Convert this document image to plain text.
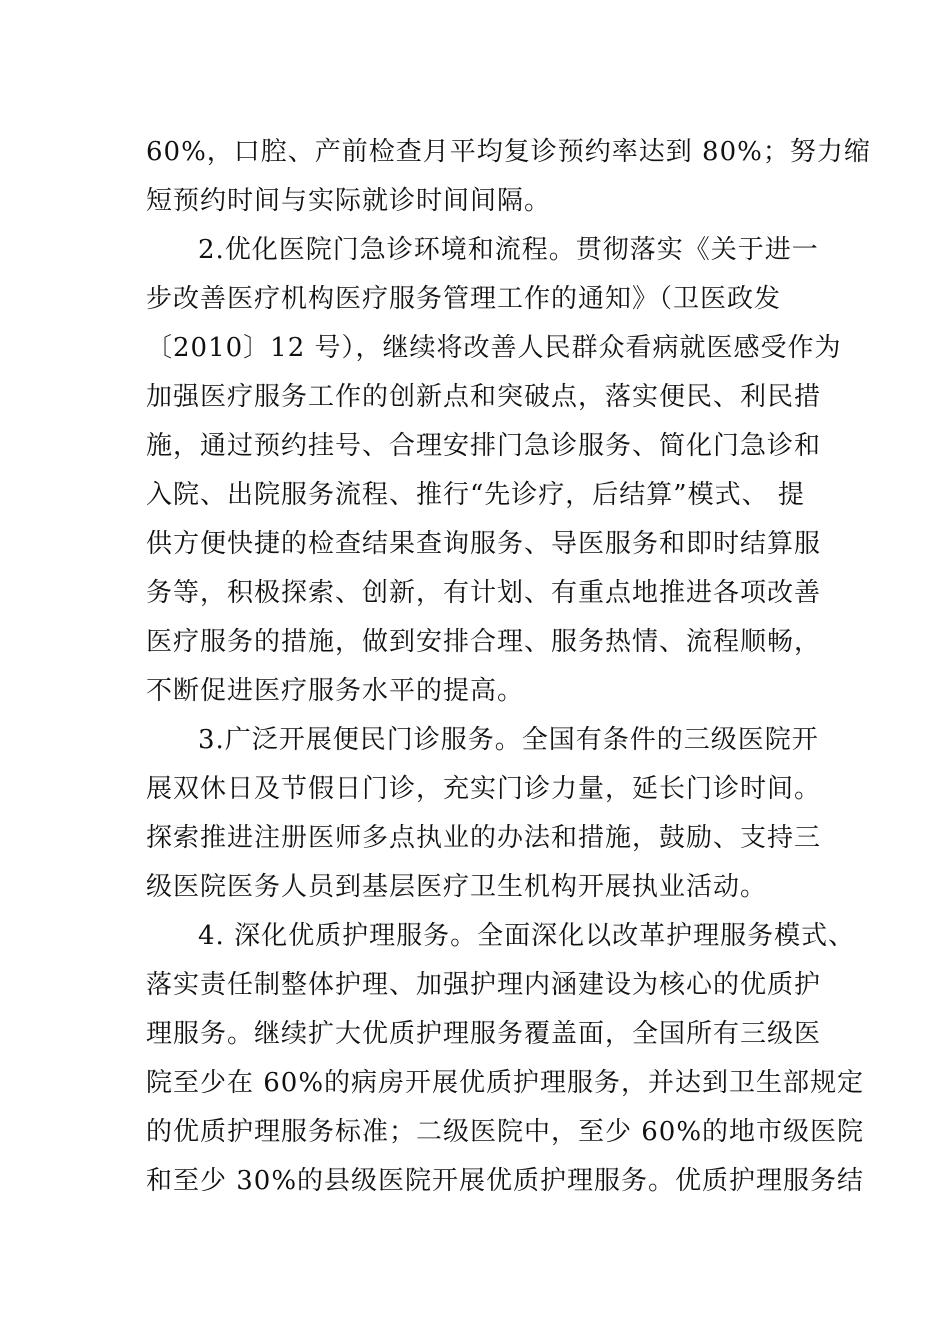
60%，口腔、产前检查月平均复诊预约率达到 80%；努力缩
短预约时间与实际就诊时间间隔。
2.优化医院门急诊环境和流程。贯彻落实《关于进一
步改善医疗机构医疗服务管理工作的通知》（卫医政发
〔2010〕12 号），继续将改善人民群众看病就医感受作为
加强医疗服务工作的创新点和突破点，落实便民、利民措
施，通过预约挂号、合理安排门急诊服务、简化门急诊和
入院、出院服务流程、推行“先诊疗，后结算”模式、 提
供方便快捷的检查结果查询服务、导医服务和即时结算服
务等，积极探索、创新，有计划、有重点地推进各项改善
医疗服务的措施，做到安排合理、服务热情、流程顺畅，
不断促进医疗服务水平的提高。
3.广泛开展便民门诊服务。全国有条件的三级医院开
展双休日及节假日门诊，充实门诊力量，延长门诊时间。
探索推进注册医师多点执业的办法和措施，鼓励、支持三
级医院医务人员到基层医疗卫生机构开展执业活动。
4. 深化优质护理服务。全面深化以改革护理服务模式、
落实责任制整体护理、加强护理内涵建设为核心的优质护
理服务。继续扩大优质护理服务覆盖面，全国所有三级医
院至少在 60%的病房开展优质护理服务，并达到卫生部规定
的优质护理服务标准；二级医院中，至少 60%的地市级医院
和至少 30%的县级医院开展优质护理服务。优质护理服务结
